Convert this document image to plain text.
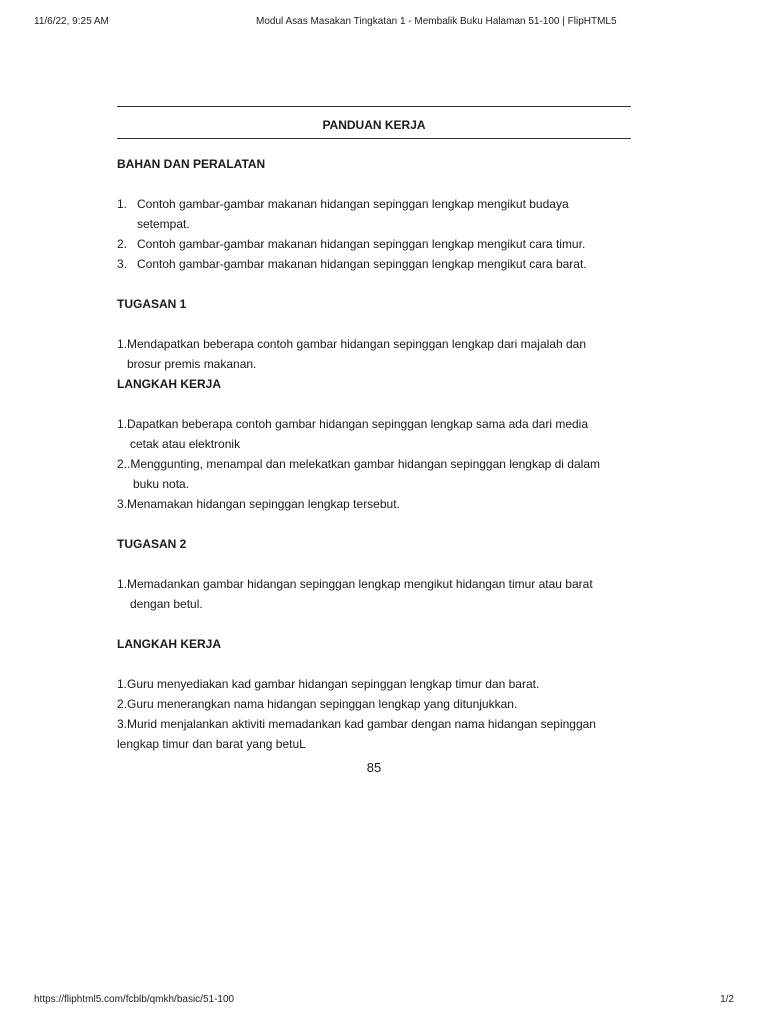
11/6/22, 9:25 AM	Modul Asas Masakan Tingkatan 1 - Membalik Buku Halaman 51-100 | FlipHTML5
PANDUAN KERJA

BAHAN DAN PERALATAN

1. Contoh gambar-gambar makanan hidangan sepinggan lengkap mengikut budaya
setempat.
2. Contoh gambar-gambar makanan hidangan sepinggan lengkap mengikut cara timur.
3. Contoh gambar-gambar makanan hidangan sepinggan lengkap mengikut cara barat.

TUGASAN 1

1.Mendapatkan beberapa contoh gambar hidangan sepinggan lengkap dari majalah dan

brosur premis makanan.

LANGKAH KERJA

1.Dapatkan beberapa contoh gambar hidangan sepinggan lengkap sama ada dari media

cetak atau elektronik

2..Menggunting, menampal dan melekatkan gambar hidangan sepinggan lengkap di dalam

buku nota.

3.Menamakan hidangan sepinggan lengkap tersebut.

TUGASAN 2

1.Memadankan gambar hidangan sepinggan lengkap mengikut hidangan timur atau barat

dengan betul.

LANGKAH KERJA

1.Guru menyediakan kad gambar hidangan sepinggan lengkap timur dan barat.

2.Guru menerangkan nama hidangan sepinggan lengkap yang ditunjukkan.

3.Murid menjalankan aktiviti memadankan kad gambar dengan nama hidangan sepinggan

lengkap timur dan barat yang betuL

85
https://fliphtml5.com/fcblb/qmkh/basic/51-100	1/2
